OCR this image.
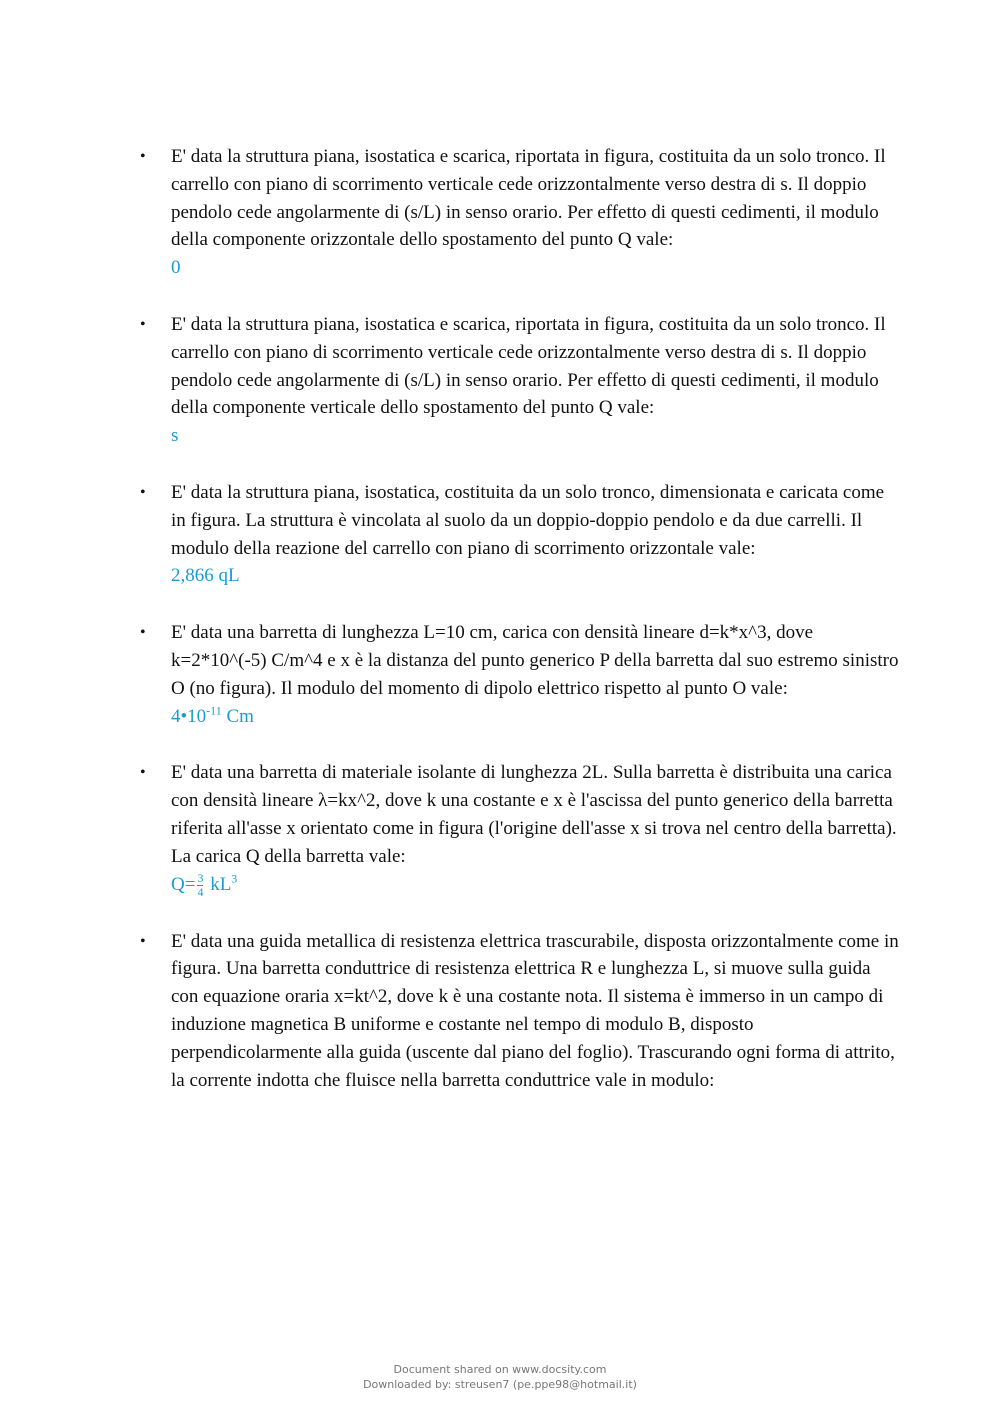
• E' data la struttura piana, isostatica e scarica, riportata in figura, costituita da un solo tronco. Il carrello con piano di scorrimento verticale cede orizzontalmente verso destra di s. Il doppio pendolo cede angolarmente di (s/L) in senso orario. Per effetto di questi cedimenti, il modulo della componente orizzontale dello spostamento del punto Q vale:
0
• E' data la struttura piana, isostatica e scarica, riportata in figura, costituita da un solo tronco. Il carrello con piano di scorrimento verticale cede orizzontalmente verso destra di s. Il doppio pendolo cede angolarmente di (s/L) in senso orario. Per effetto di questi cedimenti, il modulo della componente verticale dello spostamento del punto Q vale:
s
• E' data la struttura piana, isostatica, costituita da un solo tronco, dimensionata e caricata come in figura. La struttura è vincolata al suolo da un doppio-doppio pendolo e da due carrelli. Il modulo della reazione del carrello con piano di scorrimento orizzontale vale:
2,866 qL
• E' data una barretta di lunghezza L=10 cm, carica con densità lineare d=k*x^3, dove k=2*10^(-5) C/m^4 e x è la distanza del punto generico P della barretta dal suo estremo sinistro O (no figura). Il modulo del momento di dipolo elettrico rispetto al punto O vale:
$4•10^{-11}$ Cm
• E' data una barretta di materiale isolante di lunghezza 2L. Sulla barretta è distribuita una carica con densità lineare λ=kx^2, dove k una costante e x è l'ascissa del punto generico della barretta riferita all'asse x orientato come in figura (l'origine dell'asse x si trova nel centro della barretta). La carica Q della barretta vale:
$Q= \frac{3}{4} kL^3$
• E' data una guida metallica di resistenza elettrica trascurabile, disposta orizzontalmente come in figura. Una barretta conduttrice di resistenza elettrica R e lunghezza L, si muove sulla guida con equazione oraria x=kt^2, dove k è una costante nota. Il sistema è immerso in un campo di induzione magnetica B uniforme e costante nel tempo di modulo B, disposto perpendicolarmente alla guida (uscente dal piano del foglio). Trascurando ogni forma di attrito, la corrente indotta che fluisce nella barretta conduttrice vale in modulo:
Document shared on www.docsity.com
Downloaded by: streusen7 (pe.ppe98@hotmail.it)
